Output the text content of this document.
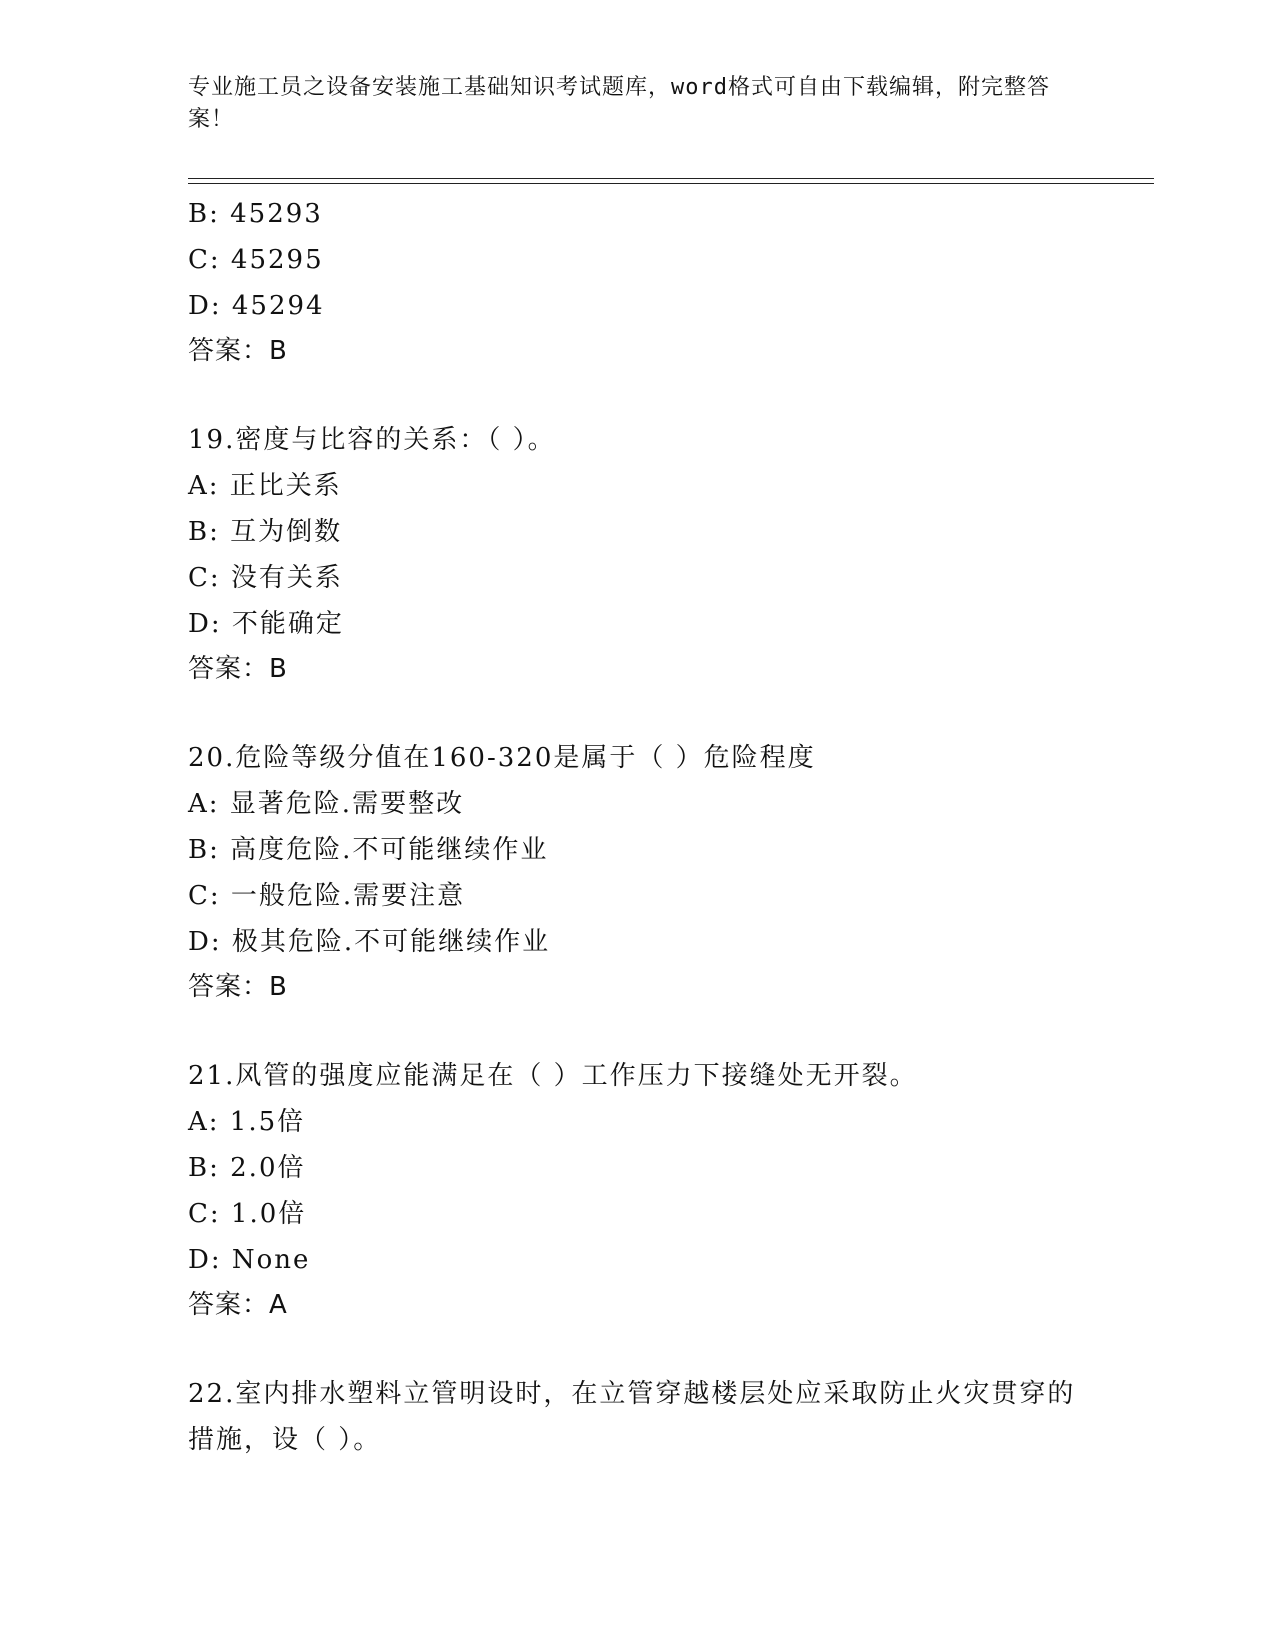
专业施工员之设备安装施工基础知识考试题库，word格式可自由下载编辑，附完整答案！
B: 45293
C: 45295
D: 45294
答案：B
19.密度与比容的关系：（ ）。
A: 正比关系
B: 互为倒数
C: 没有关系
D: 不能确定
答案：B
20.危险等级分值在160-320是属于（ ）危险程度
A: 显著危险.需要整改
B: 高度危险.不可能继续作业
C: 一般危险.需要注意
D: 极其危险.不可能继续作业
答案：B
21.风管的强度应能满足在（ ）工作压力下接缝处无开裂。
A: 1.5倍
B: 2.0倍
C: 1.0倍
D: None
答案：A
22.室内排水塑料立管明设时，在立管穿越楼层处应采取防止火灾贯穿的措施，设（ ）。
